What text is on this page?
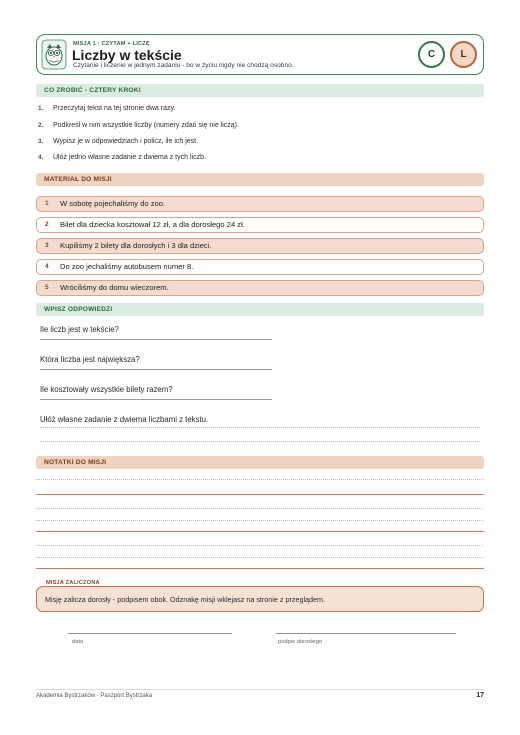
MISJA 1 · CZYTAM + LICZĘ
Liczby w tekście
Czytanie i liczenie w jednym zadaniu - bo w życiu nigdy nie chodzą osobno.
C	L
CO ZROBIĆ - CZTERY KROKI
1. Przeczytaj tekst na tej stronie dwa razy.
2. Podkreśl w nim wszystkie liczby (numery zdań się nie liczą).
3. Wypisz je w odpowiedziach i policz, ile ich jest.
4. Ułóż jedno własne zadanie z dwiema z tych liczb.
MATERIAŁ DO MISJI
1 W sobotę pojechaliśmy do zoo.
2 Bilet dla dziecka kosztował 12 zł, a dla dorosłego 24 zł.
3 Kupiliśmy 2 bilety dla dorosłych i 3 dla dzieci.
4 Do zoo jechaliśmy autobusem numer 8.
5 Wróciliśmy do domu wieczorem.
WPISZ ODPOWIEDZI
Ile liczb jest w tekście?
Która liczba jest największa?
Ile kosztowały wszystkie bilety razem?
Ułóż własne zadanie z dwiema liczbami z tekstu.
NOTATKI DO MISJI
Misję zalicza dorosły - podpisem obok. Odznakę misji wklejasz na stronie z przeglądem.
MISJA ZALICZONA
data	podpis dorosłego
Akademia Bystrzaków · Paszport Bystrzaka	17
